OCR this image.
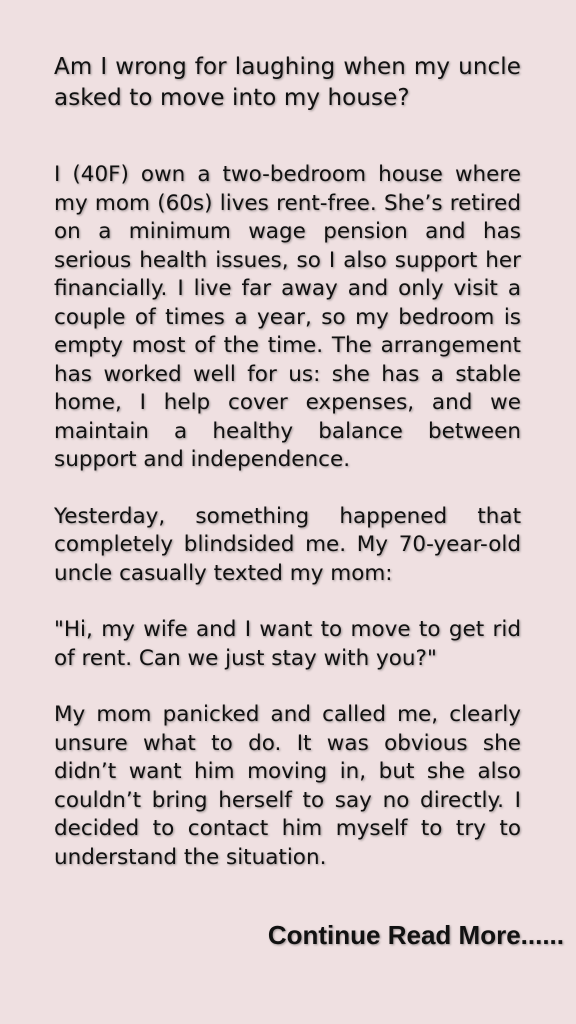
Am I wrong for laughing when my uncle asked to move into my house?

I (40F) own a two-bedroom house where my mom (60s) lives rent-free. She’s retired on a minimum wage pension and has serious health issues, so I also support her financially. I live far away and only visit a couple of times a year, so my bedroom is empty most of the time. The arrangement has worked well for us: she has a stable home, I help cover expenses, and we maintain a healthy balance between support and independence.

Yesterday, something happened that completely blindsided me. My 70-year-old uncle casually texted my mom:

"Hi, my wife and I want to move to get rid of rent. Can we just stay with you?"

My mom panicked and called me, clearly unsure what to do. It was obvious she didn’t want him moving in, but she also couldn’t bring herself to say no directly. I decided to contact him myself to try to understand the situation.

Continue Read More......
